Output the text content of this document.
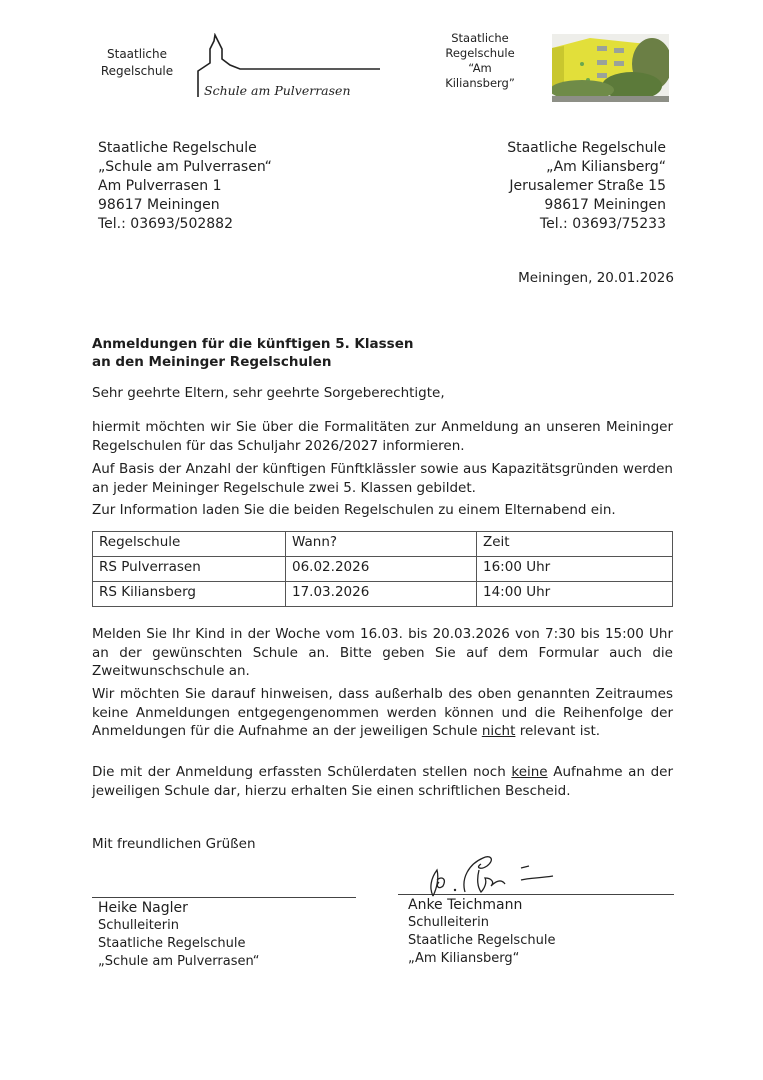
Staatliche
Regelschule
Schule am Pulverrasen
Staatliche
Regelschule
“Am
Kiliansberg”
Staatliche Regelschule
„Schule am Pulverrasen“
Am Pulverrasen 1
98617 Meiningen
Tel.: 03693/502882
Staatliche Regelschule
„Am Kiliansberg“
Jerusalemer Straße 15
98617 Meiningen
Tel.: 03693/75233
Meiningen, 20.01.2026
Anmeldungen für die künftigen 5. Klassen
an den Meininger Regelschulen

Sehr geehrte Eltern, sehr geehrte Sorgeberechtigte,

hiermit möchten wir Sie über die Formalitäten zur Anmeldung an unseren Meininger Regelschulen für das Schuljahr 2026/2027 informieren.

Auf Basis der Anzahl der künftigen Fünftklässler sowie aus Kapazitätsgründen werden an jeder Meininger Regelschule zwei 5. Klassen gebildet.

Zur Information laden Sie die beiden Regelschulen zu einem Elternabend ein.

Regelschule	Wann?	Zeit
RS Pulverrasen	06.02.2026	16:00 Uhr
RS Kiliansberg	17.03.2026	14:00 Uhr

Melden Sie Ihr Kind in der Woche vom 16.03. bis 20.03.2026 von 7:30 bis 15:00 Uhr an der gewünschten Schule an. Bitte geben Sie auf dem Formular auch die Zweitwunschschule an.

Wir möchten Sie darauf hinweisen, dass außerhalb des oben genannten Zeitraumes keine Anmeldungen entgegengenommen werden können und die Reihenfolge der Anmeldungen für die Aufnahme an der jeweiligen Schule nicht relevant ist.

Die mit der Anmeldung erfassten Schülerdaten stellen noch keine Aufnahme an der jeweiligen Schule dar, hierzu erhalten Sie einen schriftlichen Bescheid.

Mit freundlichen Grüßen

Heike Nagler
Schulleiterin
Staatliche Regelschule
„Schule am Pulverrasen“
Anke Teichmann
Schulleiterin
Staatliche Regelschule
„Am Kiliansberg“
